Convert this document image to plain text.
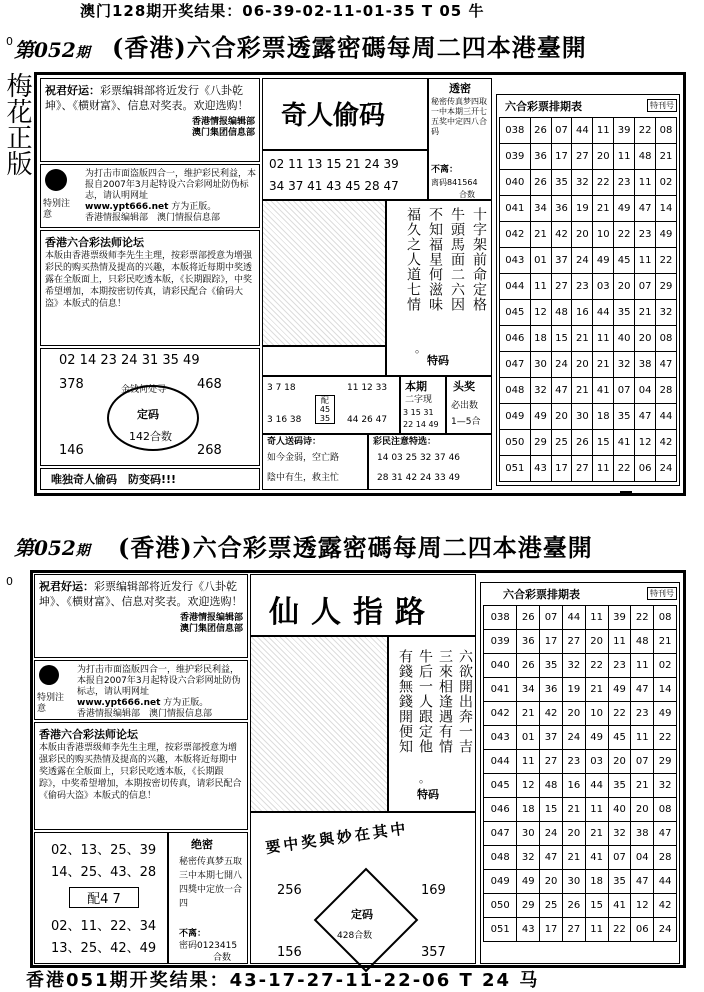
澳门128期开奖结果：06-39-02-11-01-35 T 05 牛
0 第052期 (香港)六合彩票透露密碼每周二四本港臺開
梅花正版 祝君好运：彩票编辑部将近发行《八卦乾坤》、《横财富》、信息对奖表。欢迎选购！
香港情报编辑部
澳门集团信息部
特别注意
为打击市面盗版四合一，维护彩民利益，本报自2007年3月起特设六合彩网址防伪标志，请认明网址
www.ypt666.net 方为正版。
香港情报编辑部　 澳门情报信息部
香港六合彩法师论坛
本版由香港票级师李先生主理，按彩票部授意为增强彩民的购买热情及提高的兴趣，本版将近每期中奖透露在全版面上，只彩民吃透本版，《长期跟踪》，中奖希望增加，本期按密切传真，请彩民配合《偷码大盗》本版式的信息！
02 14 23 24 31 35 49
378	468
金钱何处寻
定码
142合数
146	268
唯独奇人偷码　防变码!!!
奇人偷码
02 11 13 15 21 24 39
34 37 41 43 45 28 47
透密
秘密传真梦四取一中本期三开七五奖中定四八合码
不离：
离码841564
合数
十字架前命定格
牛頭馬面二六因
不知福星何滋味
福久之人道七情
。
特码
3 7 18
3 16 38
配 45 35
11 12 33
44 26 47
本期
二字现
3 15 31
22 14 49
头奖
必出数
1—5合
奇人送码诗：
如今金弱，空亡路
陰中有生，救主忙
彩民注意特选：
14 03 25 32 37 46
28 31 42 24 33 49
六合彩票排期表	特刊号
038	26	07	44	11	39	22	08
039	36	17	27	20	11	48	21
040	26	35	32	22	23	11	02
041	34	36	19	21	49	47	14
042	21	42	20	10	22	23	49
043	01	37	24	49	45	11	22
044	11	27	23	03	20	07	29
045	12	48	16	44	35	21	32
046	18	15	21	11	40	20	08
047	30	24	20	21	32	38	47
048	32	47	21	41	07	04	28
049	49	20	30	18	35	47	44
050	29	25	26	15	41	12	42
051	43	17	27	11	22	06	24
第052期 (香港)六合彩票透露密碼每周二四本港臺開
0 祝君好运：彩票编辑部将近发行《八卦乾坤》、《横财富》、信息对奖表。欢迎选购！
香港情报编辑部
澳门集团信息部
特别注意
为打击市面盗版四合一，维护彩民利益，本报自2007年3月起特设六合彩网址防伪标志，请认明网址
www.ypt666.net 方为正版。
香港情报编辑部　 澳门情报信息部
香港六合彩法师论坛
本版由香港票级师李先生主理，按彩票部授意为增强彩民的购买热情及提高的兴趣，本版将近每期中奖透露在全版面上，只彩民吃透本版，《长期跟踪》，中奖希望增加，本期按密切传真，请彩民配合《偷码大盗》本版式的信息！
02、13、25、39
14、25、43、28
配4 7
02、11、22、34
13、25、42、49
绝密
秘密传真梦五取三中本期七開八四獎中定放一合四
不离：
密码0123415
合数
仙人指路
六欲開出奔一吉
三來相逢遇有情
牛后一人跟定他
有錢無錢開便知
。
特码
要中奖與妙在其中
256	169
定码
428合数
156	357
六合彩票排期表	特刊号
038	26	07	44	11	39	22	08
039	36	17	27	20	11	48	21
040	26	35	32	22	23	11	02
041	34	36	19	21	49	47	14
042	21	42	20	10	22	23	49
043	01	37	24	49	45	11	22
044	11	27	23	03	20	07	29
045	12	48	16	44	35	21	32
046	18	15	21	11	40	20	08
047	30	24	20	21	32	38	47
048	32	47	21	41	07	04	28
049	49	20	30	18	35	47	44
050	29	25	26	15	41	12	42
051	43	17	27	11	22	06	24
香港051期开奖结果：43-17-27-11-22-06 T 24 马
